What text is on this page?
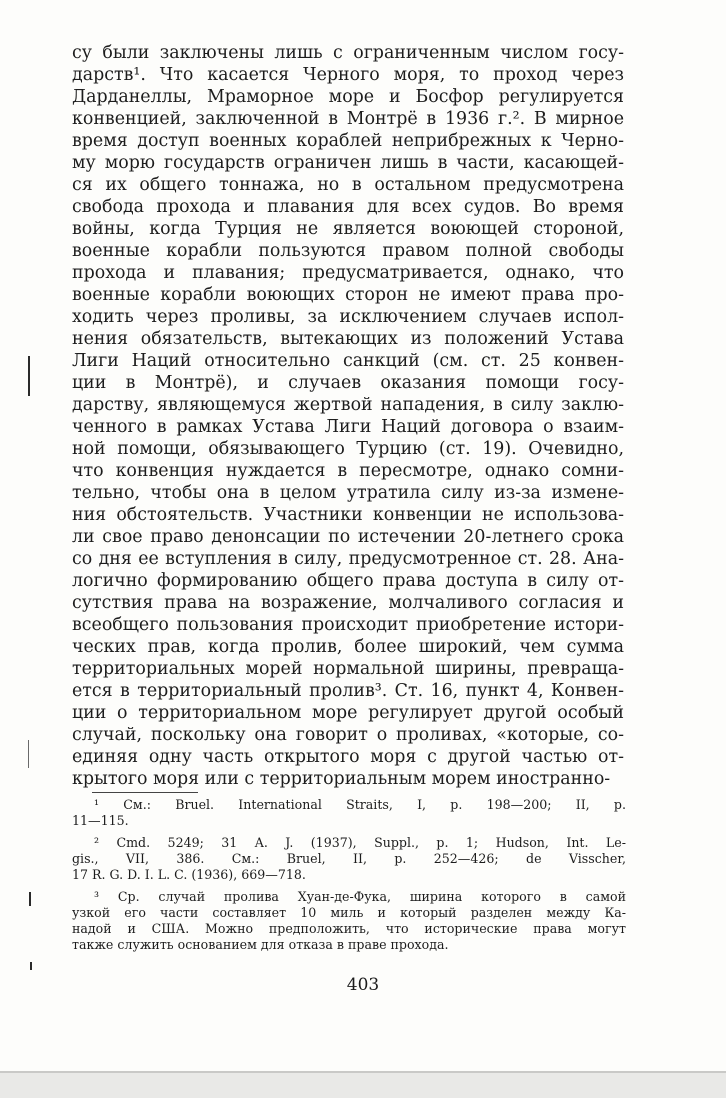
су были заключены лишь с ограниченным числом госу-
дарств¹. Что касается Черного моря, то проход через
Дарданеллы, Мраморное море и Босфор регулируется
конвенцией, заключенной в Монтрё в 1936 г.². В мирное
время доступ военных кораблей неприбрежных к Черно-
му морю государств ограничен лишь в части, касающей-
ся их общего тоннажа, но в остальном предусмотрена
свобода прохода и плавания для всех судов. Во время
войны, когда Турция не является воюющей стороной,
военные корабли пользуются правом полной свободы
прохода и плавания; предусматривается, однако, что
военные корабли воюющих сторон не имеют права про-
ходить через проливы, за исключением случаев испол-
нения обязательств, вытекающих из положений Устава
Лиги Наций относительно санкций (см. ст. 25 конвен-
ции в Монтрё), и случаев оказания помощи госу-
дарству, являющемуся жертвой нападения, в силу заклю-
ченного в рамках Устава Лиги Наций договора о взаим-
ной помощи, обязывающего Турцию (ст. 19). Очевидно,
что конвенция нуждается в пересмотре, однако сомни-
тельно, чтобы она в целом утратила силу из-за измене-
ния обстоятельств. Участники конвенции не использова-
ли свое право денонсации по истечении 20-летнего срока
со дня ее вступления в силу, предусмотренное ст. 28. Ана-
логично формированию общего права доступа в силу от-
сутствия права на возражение, молчаливого согласия и
всеобщего пользования происходит приобретение истори-
ческих прав, когда пролив, более широкий, чем сумма
территориальных морей нормальной ширины, превраща-
ется в территориальный пролив³. Ст. 16, пункт 4, Конвен-
ции о территориальном море регулирует другой особый
случай, поскольку она говорит о проливах, «которые, со-
единяя одну часть открытого моря с другой частью от-
крытого моря или с территориальным морем иностранно-
¹ См.: Bruel. International Straits, I, p. 198—200; II, p.
11—115.
² Cmd. 5249; 31 A. J. (1937), Suppl., p. 1; Hudson, Int. Le-
gis., VII, 386. См.: Bruel, II, p. 252—426; de Visscher,
17 R. G. D. I. L. C. (1936), 669—718.
³ Ср. случай пролива Хуан-де-Фука, ширина которого в самой
узкой его части составляет 10 миль и который разделен между Ка-
надой и США. Можно предположить, что исторические права могут
также служить основанием для отказа в праве прохода.
403
